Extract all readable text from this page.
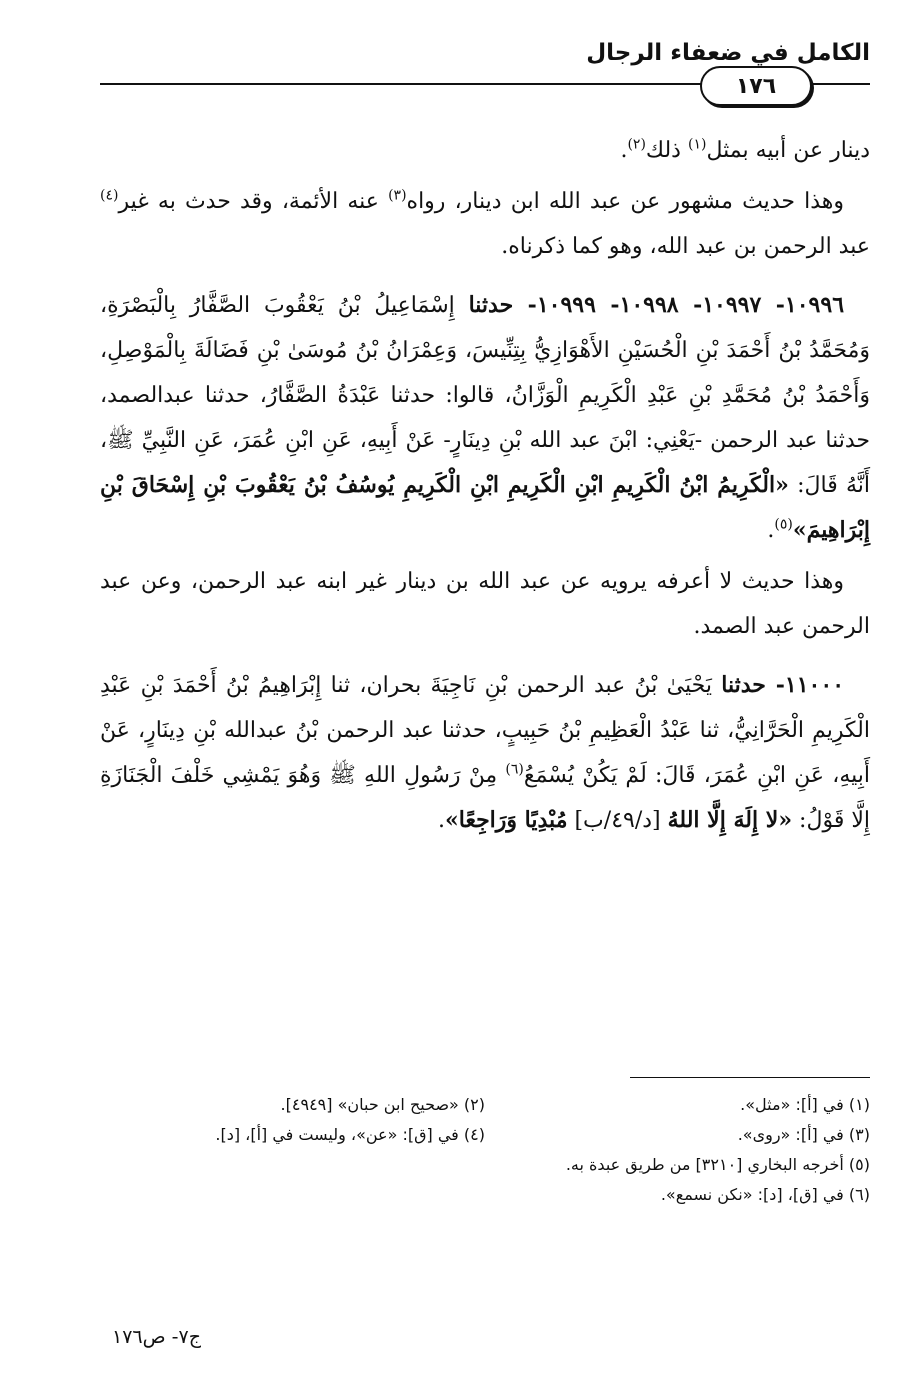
الكامل في ضعفاء الرجال
١٧٦

دينار عن أبيه بمثل$^{(١)}$ ذلك$^{(٢)}$.

وهذا حديث مشهور عن عبد الله ابن دينار، رواه$^{(٣)}$ عنه الأئمة، وقد حدث به غير$^{(٤)}$ عبد الرحمن بن عبد الله، وهو كما ذكرناه.

١٠٩٩٦- ١٠٩٩٧- ١٠٩٩٨- ١٠٩٩٩- حدثنا إِسْمَاعِيلُ بْنُ يَعْقُوبَ الصَّفَّارُ بِالْبَصْرَةِ، وَمُحَمَّدُ بْنُ أَحْمَدَ بْنِ الْحُسَيْنِ الأَهْوَازِيُّ بِتِنِّيسَ، وَعِمْرَانُ بْنُ مُوسَىٰ بْنِ فَضَالَةَ بِالْمَوْصِلِ، وَأَحْمَدُ بْنُ مُحَمَّدِ بْنِ عَبْدِ الْكَرِيمِ الْوَزَّانُ، قالوا: حدثنا عَبْدَةُ الصَّفَّارُ، حدثنا عبدالصمد، حدثنا عبد الرحمن -يَعْنِي: ابْنَ عبد الله بْنِ دِينَارٍ- عَنْ أَبِيهِ، عَنِ ابْنِ عُمَرَ، عَنِ النَّبِيِّ ﷺ، أَنَّهُ قَالَ: «الْكَرِيمُ ابْنُ الْكَرِيمِ ابْنِ الْكَرِيمِ ابْنِ الْكَرِيمِ يُوسُفُ بْنُ يَعْقُوبَ بْنِ إِسْحَاقَ بْنِ إِبْرَاهِيمَ»$^{(٥)}$.

وهذا حديث لا أعرفه يرويه عن عبد الله بن دينار غير ابنه عبد الرحمن، وعن عبد الرحمن عبد الصمد.

١١٠٠٠- حدثنا يَحْيَىٰ بْنُ عبد الرحمن بْنِ نَاجِيَةَ بحران، ثنا إِبْرَاهِيمُ بْنُ أَحْمَدَ بْنِ عَبْدِ الْكَرِيمِ الْحَرَّانِيُّ، ثنا عَبْدُ الْعَظِيمِ بْنُ حَبِيبٍ، حدثنا عبد الرحمن بْنُ عبدالله بْنِ دِينَارٍ، عَنْ أَبِيهِ، عَنِ ابْنِ عُمَرَ، قَالَ: لَمْ يَكُنْ يُسْمَعُ$^{(٦)}$ مِنْ رَسُولِ اللهِ ﷺ وَهُوَ يَمْشِي خَلْفَ الْجَنَازَةِ إِلَّا قَوْلُ: «لا إِلَهَ إِلَّا اللهُ [د/٤٩/ب] مُبْدِيًا وَرَاجِعًا».

(١) في [أ]: «مثل».
(٢) «صحيح ابن حبان» [٤٩٤٩].
(٣) في [أ]: «روى».
(٤) في [ق]: «عن»، وليست في [أ]، [د].
(٥) أخرجه البخاري [٣٢١٠] من طريق عبدة به.
(٦) في [ق]، [د]: «نكن نسمع».
ج٧- ص١٧٦
